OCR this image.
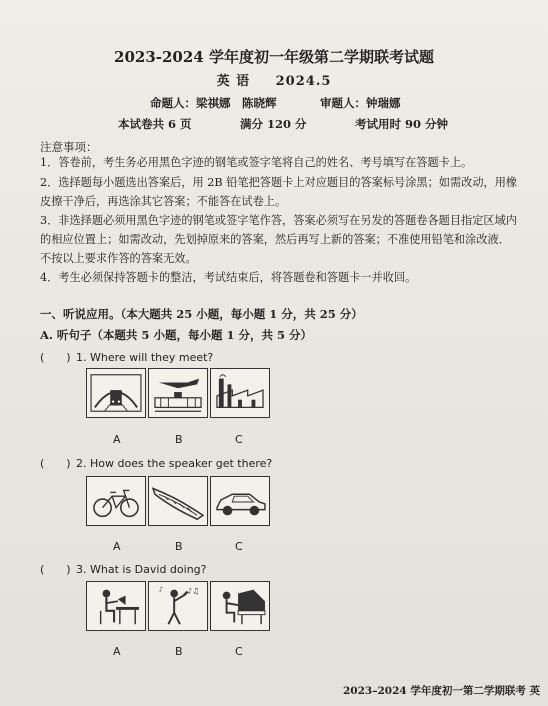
2023-2024 学年度初一年级第二学期联考试题
英 语 2024.5
命题人：梁祺娜　陈晓辉	审题人：钟瑞娜
本试卷共 6 页	满分 120 分	考试用时 90 分钟
注意事项：
1．答卷前，考生务必用黑色字迹的钢笔或签字笔将自己的姓名、考号填写在答题卡上。
2．选择题每小题选出答案后，用 2B 铅笔把答题卡上对应题目的答案标号涂黑；如需改动，用橡皮擦干净后，再选涂其它答案；不能答在试卷上。
3．非选择题必须用黑色字迹的钢笔或签字笔作答，答案必须写在另发的答题卷各题目指定区域内的相应位置上；如需改动，先划掉原来的答案，然后再写上新的答案；不准使用铅笔和涂改液．不按以上要求作答的答案无效。
4．考生必须保持答题卡的整洁，考试结束后，将答题卷和答题卡一并收回。
一、听说应用。（本大题共 25 小题，每小题 1 分，共 25 分）
A. 听句子（本题共 5 小题，每小题 1 分，共 5 分）
(　　) 1. Where will they meet?
A	B	C
(　　) 2. How does the speaker get there?
A	B	C
(　　) 3. What is David doing?
♪♫
♪
A	B	C
2023–2024 学年度初一第二学期联考 英
